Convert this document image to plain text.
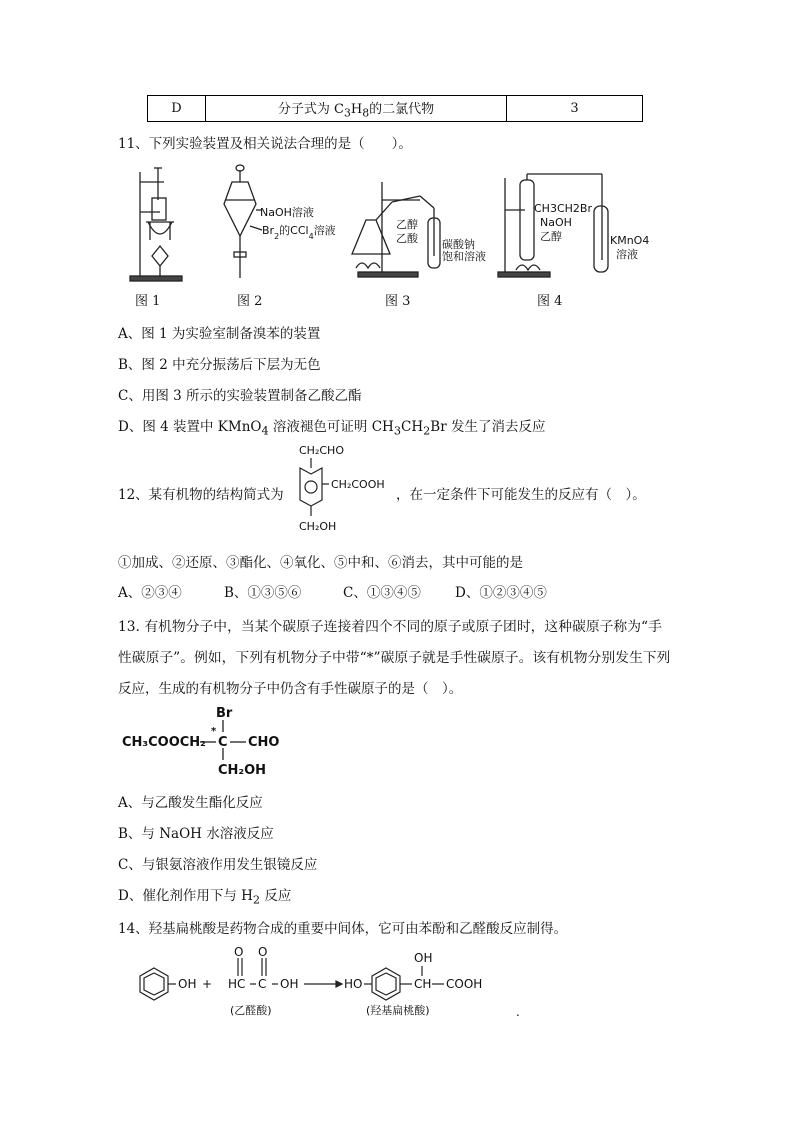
D	分子式为 $C_3H_8$的二氯代物	3
11、下列实验装置及相关说法合理的是（　　）。
NaOH溶液
$Br_2$的CCl$_4$溶液	乙醇
乙酸 碳酸钠
饱和溶液
CH3CH2Br
NaOH
乙醇	KMnO4
溶液
图 1	图 2	图 3	图 4
A、图 1 为实验室制备溴苯的装置
B、图 2 中充分振荡后下层为无色
C、用图 3 所示的实验装置制备乙酸乙酯
D、图 4 装置中 KMnO$_4$ 溶液褪色可证明 $CH_3CH_2Br$ 发生了消去反应
12、某有机物的结构简式为
CH₂CHO
CH₂COOH
CH₂OH
，在一定条件下可能发生的反应有（　）。
①加成、②还原、③酯化、④氧化、⑤中和、⑥消去，其中可能的是
A、②③④	B、①③⑤⑥	C、①③④⑤	D、①②③④⑤
13. 有机物分子中，当某个碳原子连接着四个不同的原子或原子团时，这种碳原子称为“手
性碳原子”。例如，下列有机物分子中带“*”碳原子就是手性碳原子。该有机物分别发生下列
反应，生成的有机物分子中仍含有手性碳原子的是（　）。
Br
*
CH₃COOCH₂ C CHO
CH₂OH
A、与乙酸发生酯化反应
B、与 NaOH 水溶液反应
C、与银氨溶液作用发生银镜反应
D、催化剂作用下与 $H_2$ 反应
14、羟基扁桃酸是药物合成的重要中间体，它可由苯酚和乙醛酸反应制得。
OH +
O O
HC C OH	HO
OH
CH COOH
.
(乙醛酸)	(羟基扁桃酸)
